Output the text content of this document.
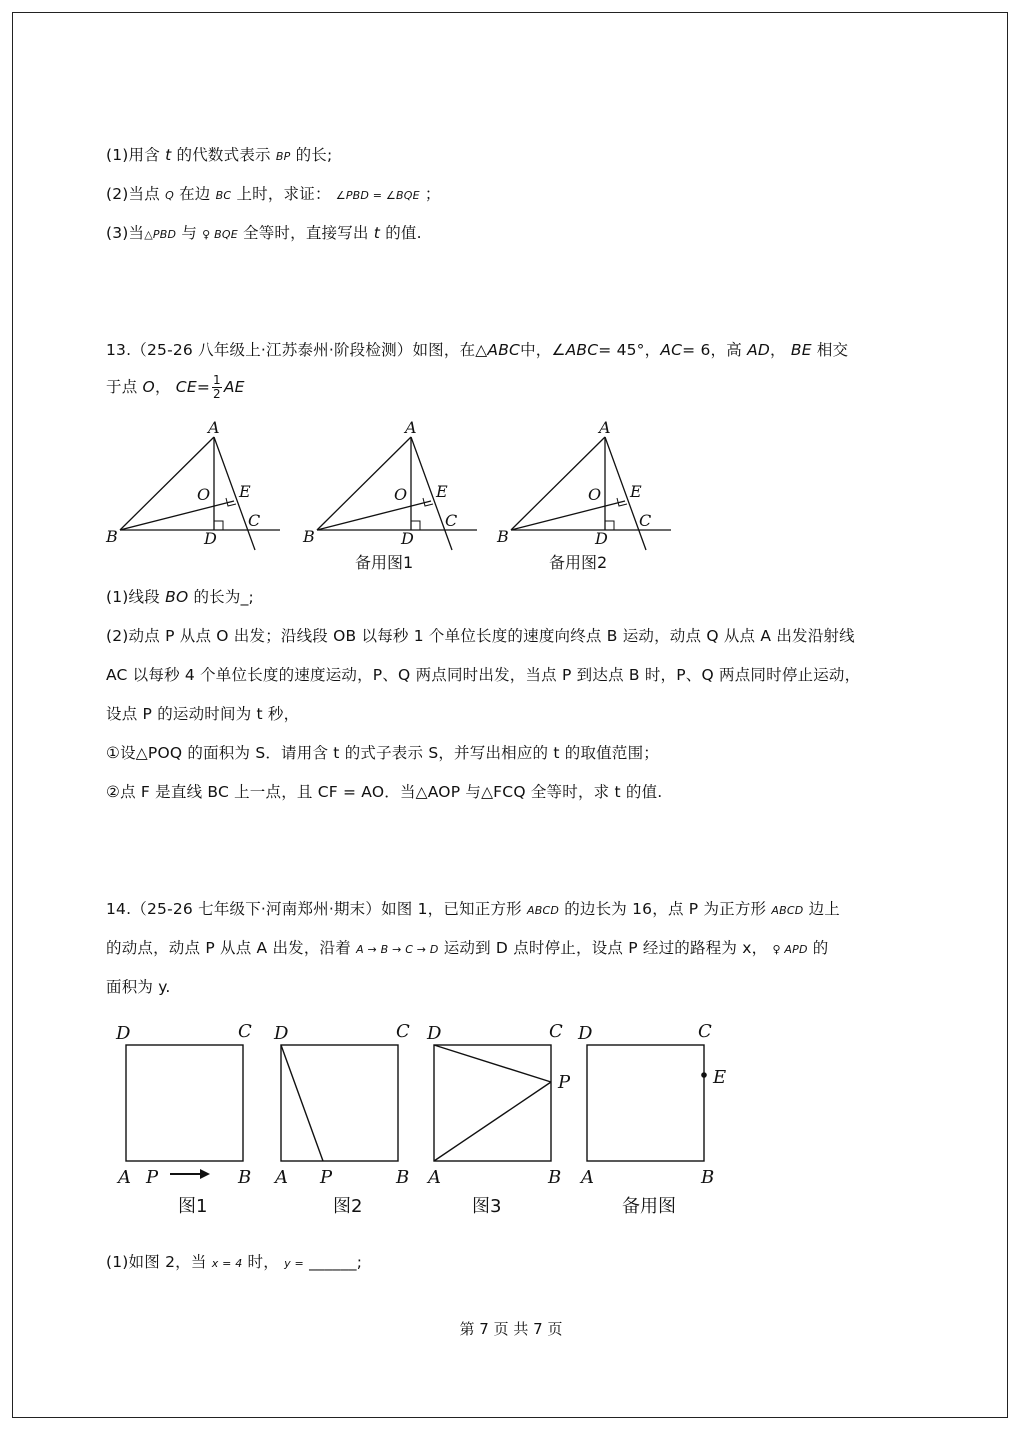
(1)用含 t 的代数式表示 BP 的长;
(2)当点 Q 在边 BC 上时，求证： ∠PBD = ∠BQE ；
(3)当△PBD 与 ♀ BQE 全等时，直接写出 t 的值.
13.（25-26 八年级上·江苏泰州·阶段检测）如图，在△ABC中，∠ABC= 45°，AC= 6，高 AD， BE 相交
于点 O， $CE= \frac{1}{2}$ AE
A
B
C
D
E
O
A
B
C
D
E
O
备用图1
A
B
C
D
E
O
备用图2
(1)线段 BO 的长为_;
(2)动点 P 从点 O 出发；沿线段 OB 以每秒 1 个单位长度的速度向终点 B 运动，动点 Q 从点 A 出发沿射线
AC 以每秒 4 个单位长度的速度运动，P、Q 两点同时出发，当点 P 到达点 B 时，P、Q 两点同时停止运动，
设点 P 的运动时间为 t 秒，
①设△POQ 的面积为 S．请用含 t 的式子表示 S，并写出相应的 t 的取值范围；
②点 F 是直线 BC 上一点，且 CF = AO．当△AOP 与△FCQ 全等时，求 t 的值.
14.（25-26 七年级下·河南郑州·期末）如图 1，已知正方形 ABCD 的边长为 16，点 P 为正方形 ABCD 边上
的动点，动点 P 从点 A 出发，沿着 A → B → C → D 运动到 D 点时停止，设点 P 经过的路程为 x， ♀ APD 的
面积为 y.
D	C
A P	B
图1
D	C
A P	B
图2
D	C
P
A	B
图3
D	C
E
A	B
备用图
(1)如图 2，当 x = 4 时， y = ______;
第 7 页 共 7 页
